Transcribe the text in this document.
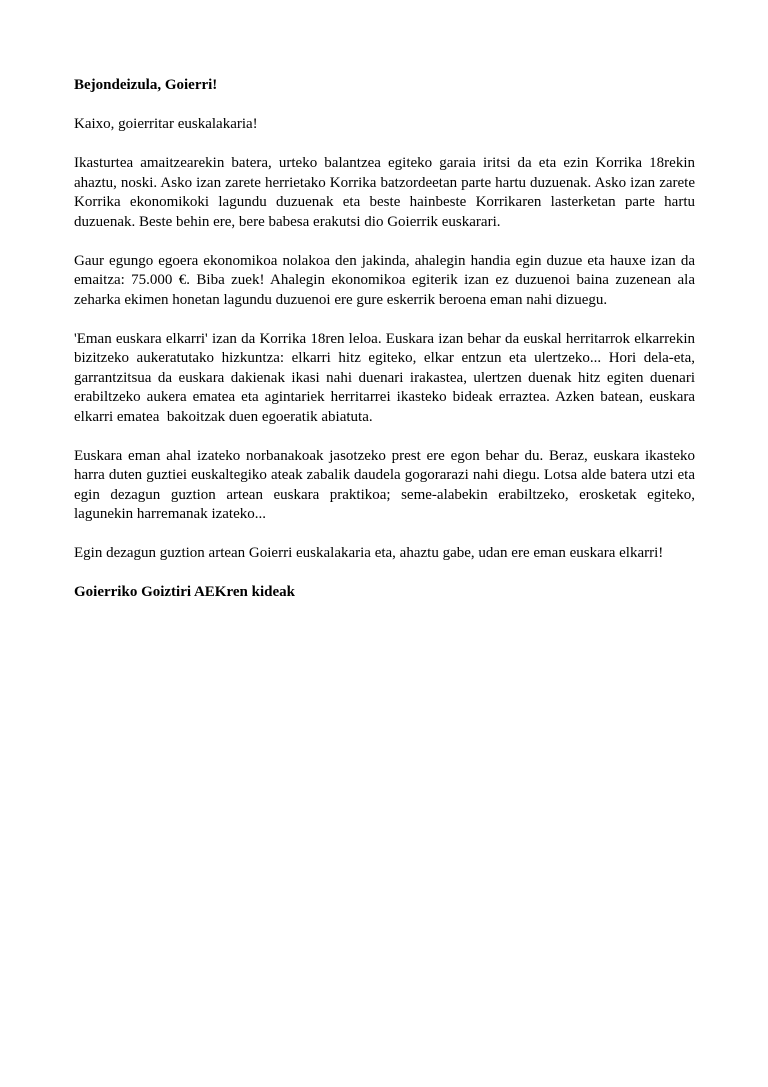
Bejondeizula, Goierri!

Kaixo, goierritar euskalakaria!

Ikasturtea amaitzearekin batera, urteko balantzea egiteko garaia iritsi da eta ezin Korrika 18rekin ahaztu, noski. Asko izan zarete herrietako Korrika batzordeetan parte hartu duzuenak. Asko izan zarete Korrika ekonomikoki lagundu duzuenak eta beste hainbeste Korrikaren lasterketan parte hartu duzuenak. Beste behin ere, bere babesa erakutsi dio Goierrik euskarari.

Gaur egungo egoera ekonomikoa nolakoa den jakinda, ahalegin handia egin duzue eta hauxe izan da emaitza: 75.000 €. Biba zuek! Ahalegin ekonomikoa egiterik izan ez duzuenoi baina zuzenean ala zeharka ekimen honetan lagundu duzuenoi ere gure eskerrik beroena eman nahi dizuegu.

'Eman euskara elkarri' izan da Korrika 18ren leloa. Euskara izan behar da euskal herritarrok elkarrekin bizitzeko aukeratutako hizkuntza: elkarri hitz egiteko, elkar entzun eta ulertzeko... Hori dela-eta, garrantzitsua da euskara dakienak ikasi nahi duenari irakastea, ulertzen duenak hitz egiten duenari erabiltzeko aukera ematea eta agintariek herritarrei ikasteko bideak erraztea. Azken batean, euskara elkarri ematea  bakoitzak duen egoeratik abiatuta.

Euskara eman ahal izateko norbanakoak jasotzeko prest ere egon behar du. Beraz, euskara ikasteko harra duten guztiei euskaltegiko ateak zabalik daudela gogorarazi nahi diegu. Lotsa alde batera utzi eta egin dezagun guztion artean euskara praktikoa; seme-alabekin erabiltzeko, erosketak egiteko, lagunekin harremanak izateko...

Egin dezagun guztion artean Goierri euskalakaria eta, ahaztu gabe, udan ere eman euskara elkarri!

Goierriko Goiztiri AEKren kideak
